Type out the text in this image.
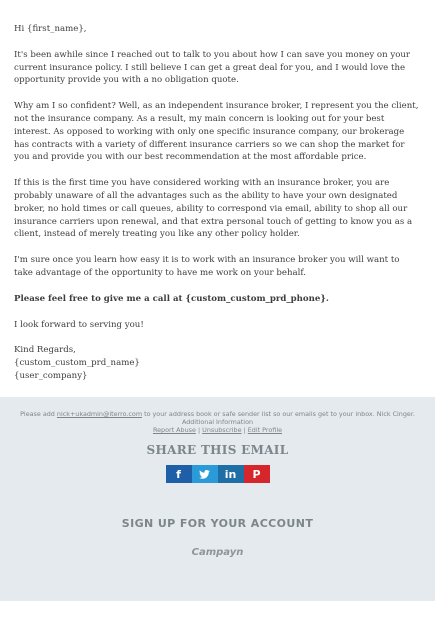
Hi {first_name},

It's been awhile since I reached out to talk to you about how I can save you money on your current insurance policy. I still believe I can get a great deal for you, and I would love the opportunity provide you with a no obligation quote.

Why am I so confident? Well, as an independent insurance broker, I represent you the client, not the insurance company. As a result, my main concern is looking out for your best interest. As opposed to working with only one specific insurance company, our brokerage has contracts with a variety of different insurance carriers so we can shop the market for you and provide you with our best recommendation at the most affordable price.

If this is the first time you have considered working with an insurance broker, you are probably unaware of all the advantages such as the ability to have your own designated broker, no hold times or call queues, ability to correspond via email, ability to shop all our insurance carriers upon renewal, and that extra personal touch of getting to know you as a client, instead of merely treating you like any other policy holder.

I'm sure once you learn how easy it is to work with an insurance broker you will want to take advantage of the opportunity to have me work on your behalf.

Please feel free to give me a call at {custom_custom_prd_phone}.

I look forward to serving you!

Kind Regards,
{custom_custom_prd_name}
{user_company}
Please add nick+ukadmin@iterro.com to your address book or safe sender list so our emails get to your inbox. Nick Cinger.
Additional Information
Report Abuse | Unsubscribe | Edit Profile
SHARE THIS EMAIL
f	in P
SIGN UP FOR YOUR ACCOUNT
Campayn
